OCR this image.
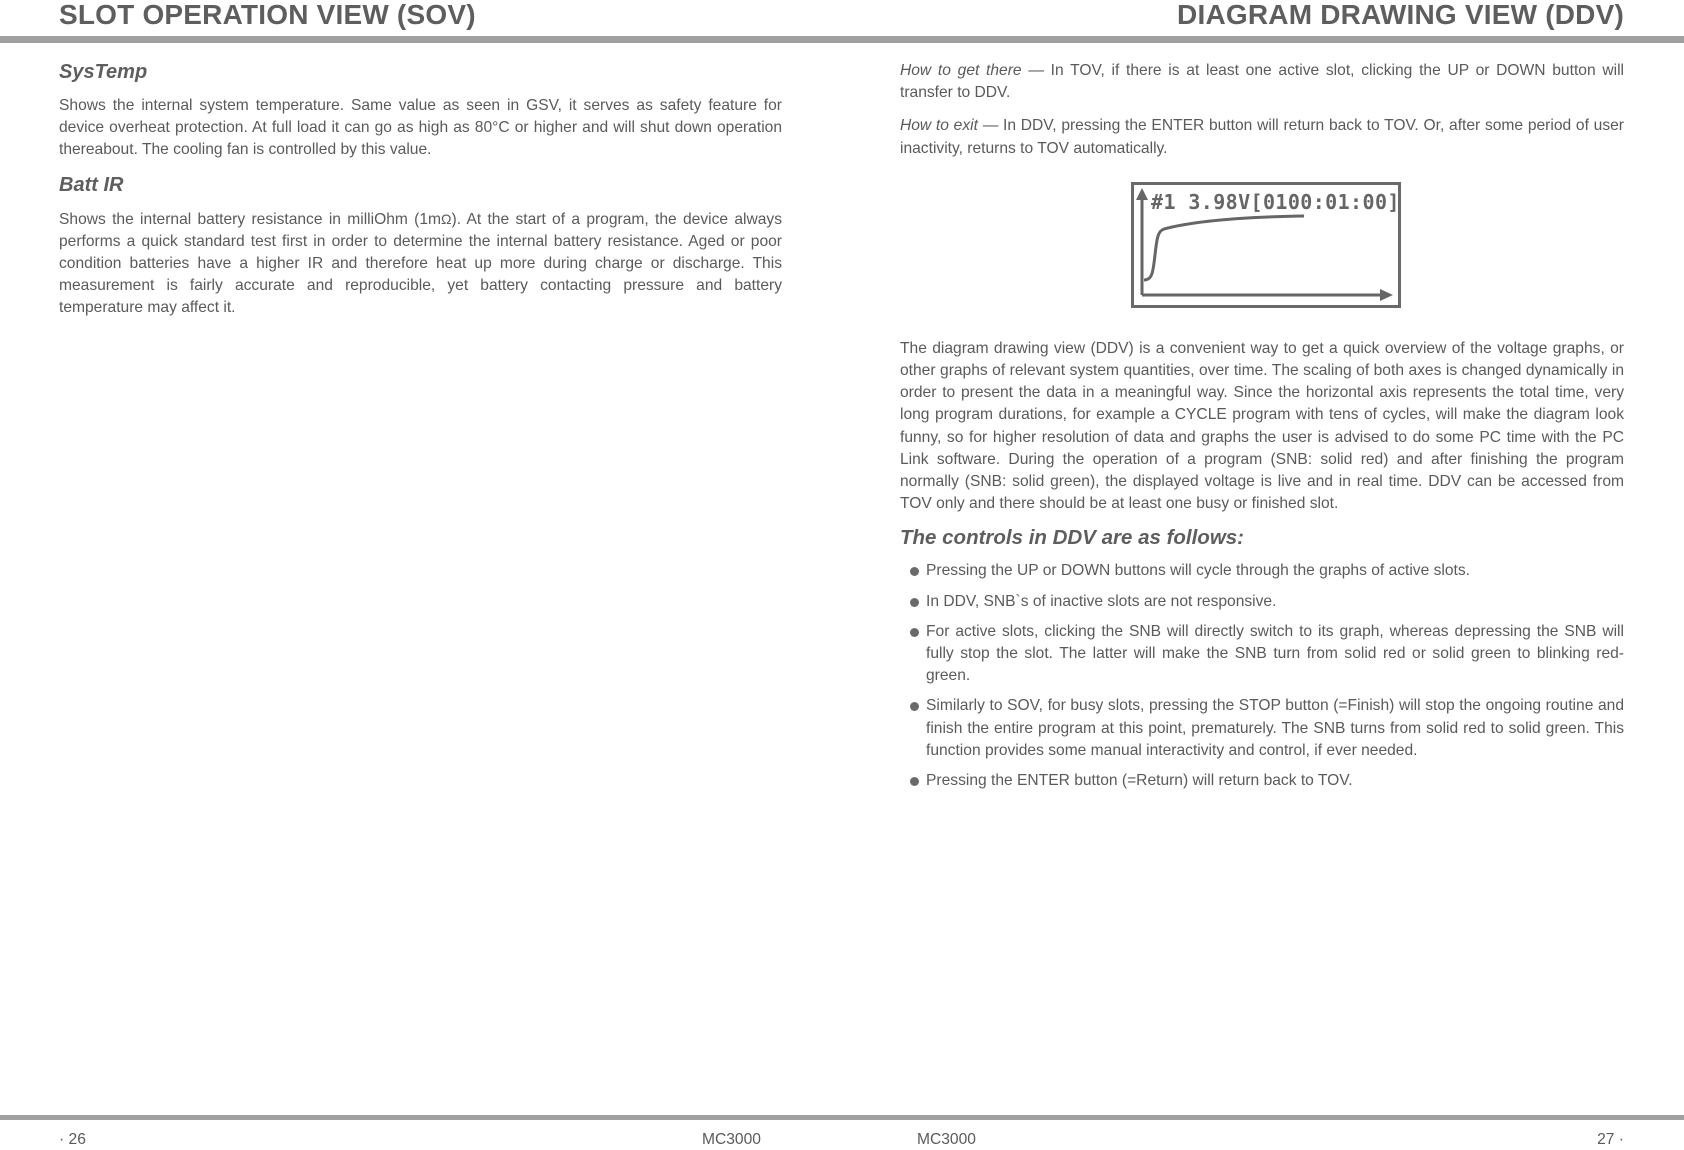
SLOT OPERATION VIEW (SOV)	DIAGRAM DRAWING VIEW (DDV)
SysTemp

Shows the internal system temperature. Same value as seen in GSV, it serves as safety feature for device overheat protection. At full load it can go as high as 80°C or higher and will shut down operation thereabout. The cooling fan is controlled by this value.

Batt IR

Shows the internal battery resistance in milliOhm (1mΩ). At the start of a program, the device always performs a quick standard test first in order to determine the internal battery resistance. Aged or poor condition batteries have a higher IR and therefore heat up more during charge or discharge. This measurement is fairly accurate and reproducible, yet battery contacting pressure and battery temperature may affect it.

How to get there — In TOV, if there is at least one active slot, clicking the UP or DOWN button will transfer to DDV.

How to exit — In DDV, pressing the ENTER button will return back to TOV. Or, after some period of user inactivity, returns to TOV automatically.

#1 3.98V[0100:01:00]

The diagram drawing view (DDV) is a convenient way to get a quick overview of the voltage graphs, or other graphs of relevant system quantities, over time. The scaling of both axes is changed dynamically in order to present the data in a meaningful way. Since the horizontal axis represents the total time, very long program durations, for example a CYCLE program with tens of cycles, will make the diagram look funny, so for higher resolution of data and graphs the user is advised to do some PC time with the PC Link software. During the operation of a program (SNB: solid red) and after finishing the program normally (SNB: solid green), the displayed voltage is live and in real time. DDV can be accessed from TOV only and there should be at least one busy or finished slot.

The controls in DDV are as follows:
Pressing the UP or DOWN buttons will cycle through the graphs of active slots.
In DDV, SNB`s of inactive slots are not responsive.
For active slots, clicking the SNB will directly switch to its graph, whereas depressing the SNB will fully stop the slot. The latter will make the SNB turn from solid red or solid green to blinking red-green.
Similarly to SOV, for busy slots, pressing the STOP button (=Finish) will stop the ongoing routine and finish the entire program at this point, prematurely. The SNB turns from solid red to solid green. This function provides some manual interactivity and control, if ever needed.
Pressing the ENTER button (=Return) will return back to TOV.
· 26	MC3000	MC3000	27 ·
